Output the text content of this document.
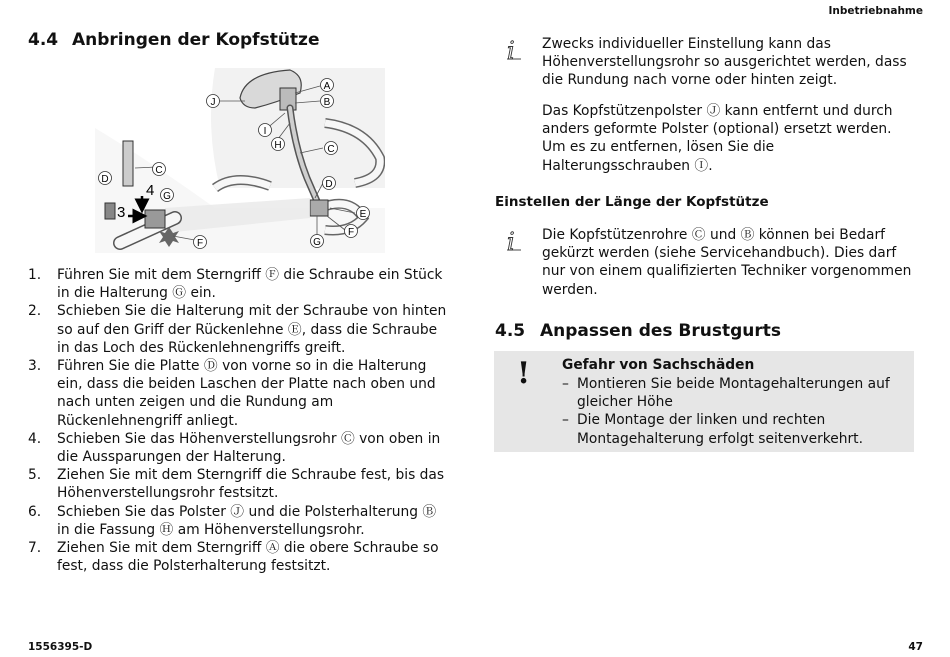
Inbetriebnahme
4.4 Anbringen der Kopfstütze
3
4
A
B
C
C
D
D
E
F
F	G
G
H
I
J
1.	Führen Sie mit dem Sterngriff Ⓕ die Schraube ein Stück in die Halterung Ⓖ ein.
2.	Schieben Sie die Halterung mit der Schraube von hinten so auf den Griff der Rückenlehne Ⓔ, dass die Schraube in das Loch des Rückenlehnengriffs greift.
3.	Führen Sie die Platte Ⓓ von vorne so in die Halterung ein, dass die beiden Laschen der Platte nach oben und nach unten zeigen und die Rundung am Rückenlehnengriff anliegt.
4.	Schieben Sie das Höhenverstellungsrohr Ⓒ von oben in die Aussparungen der Halterung.
5.	Ziehen Sie mit dem Sterngriff die Schraube fest, bis das Höhenverstellungsrohr festsitzt.
6.	Schieben Sie das Polster Ⓙ und die Polsterhalterung Ⓑ in die Fassung Ⓗ am Höhenverstellungsrohr.
7.	Ziehen Sie mit dem Sterngriff Ⓐ die obere Schraube so fest, dass die Polsterhalterung festsitzt.
i Zwecks individueller Einstellung kann das Höhenverstellungsrohr so ausgerichtet werden, dass die Rundung nach vorne oder hinten zeigt.
Das Kopfstützenpolster Ⓙ kann entfernt und durch anders geformte Polster (optional) ersetzt werden. Um es zu entfernen, lösen Sie die Halterungsschrauben Ⓘ.
Einstellen der Länge der Kopfstütze
i Die Kopfstützenrohre Ⓒ und Ⓑ können bei Bedarf gekürzt werden (siehe Servicehandbuch). Dies darf nur von einem qualifizierten Techniker vorgenommen werden.
4.5 Anpassen des Brustgurts
! Gefahr von Sachschäden
– Montieren Sie beide Montagehalterungen auf gleicher Höhe
– Die Montage der linken und rechten Montagehalterung erfolgt seitenverkehrt.
1556395-D	47
